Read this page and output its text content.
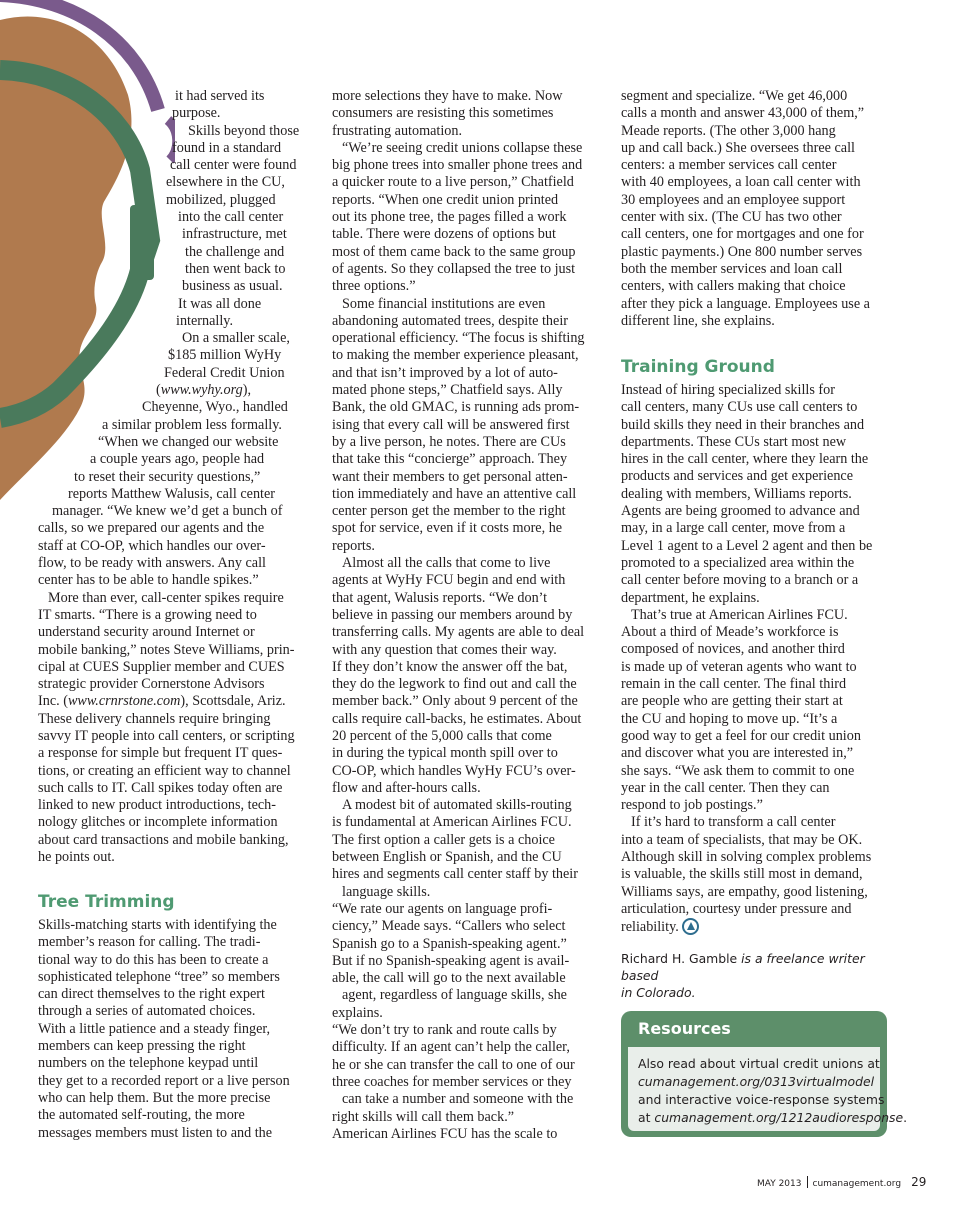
it had served its

purpose.

Skills beyond those

found in a standard

call center were found

elsewhere in the CU,

mobilized, plugged

into the call center

infrastructure, met

the challenge and

then went back to

business as usual.

It was all done

internally.

On a smaller scale,

$185 million WyHy

Federal Credit Union

(www.wyhy.org),

Cheyenne, Wyo., handled

a similar problem less formally.

“When we changed our website

a couple years ago, people had

to reset their security questions,”

reports Matthew Walusis, call center

manager. “We knew we’d get a bunch of

calls, so we prepared our agents and the

staff at CO-OP, which handles our over-

flow, to be ready with answers. Any call

center has to be able to handle spikes.”

More than ever, call-center spikes require

IT smarts. “There is a growing need to

understand security around Internet or

mobile banking,” notes Steve Williams, prin-

cipal at CUES Supplier member and CUES

strategic provider Cornerstone Advisors

Inc. (www.crnrstone.com), Scottsdale, Ariz.

These delivery channels require bringing

savvy IT people into call centers, or scripting

a response for simple but frequent IT ques-

tions, or creating an efficient way to channel

such calls to IT. Call spikes today often are

linked to new product introductions, tech-

nology glitches or incomplete information

about card transactions and mobile banking,

he points out.

Tree Trimming

Skills-matching starts with identifying the

member’s reason for calling. The tradi-

tional way to do this has been to create a

sophisticated telephone “tree” so members

can direct themselves to the right expert

through a series of automated choices.

With a little patience and a steady finger,

members can keep pressing the right

numbers on the telephone keypad until

they get to a recorded report or a live person

who can help them. But the more precise

the automated self-routing, the more

messages members must listen to and the

more selections they have to make. Now

consumers are resisting this sometimes

frustrating automation.

“We’re seeing credit unions collapse these

big phone trees into smaller phone trees and

a quicker route to a live person,” Chatfield

reports. “When one credit union printed

out its phone tree, the pages filled a work

table. There were dozens of options but

most of them came back to the same group

of agents. So they collapsed the tree to just

three options.”

Some financial institutions are even

abandoning automated trees, despite their

operational efficiency. “The focus is shifting

to making the member experience pleasant,

and that isn’t improved by a lot of auto-

mated phone steps,” Chatfield says. Ally

Bank, the old GMAC, is running ads prom-

ising that every call will be answered first

by a live person, he notes. There are CUs

that take this “concierge” approach. They

want their members to get personal atten-

tion immediately and have an attentive call

center person get the member to the right

spot for service, even if it costs more, he

reports.

Almost all the calls that come to live

agents at WyHy FCU begin and end with

that agent, Walusis reports. “We don’t

believe in passing our members around by

transferring calls. My agents are able to deal

with any question that comes their way.

If they don’t know the answer off the bat,

they do the legwork to find out and call the

member back.” Only about 9 percent of the

calls require call-backs, he estimates. About

20 percent of the 5,000 calls that come

in during the typical month spill over to

CO-OP, which handles WyHy FCU’s over-

flow and after-hours calls.

A modest bit of automated skills-routing

is fundamental at American Airlines FCU.

The first option a caller gets is a choice

between English or Spanish, and the CU

hires and segments call center staff by their

language skills.

“We rate our agents on language profi-

ciency,” Meade says. “Callers who select

Spanish go to a Spanish-speaking agent.”

But if no Spanish-speaking agent is avail-

able, the call will go to the next available

agent, regardless of language skills, she

explains.

“We don’t try to rank and route calls by

difficulty. If an agent can’t help the caller,

he or she can transfer the call to one of our

three coaches for member services or they

can take a number and someone with the

right skills will call them back.”

American Airlines FCU has the scale to

segment and specialize. “We get 46,000

calls a month and answer 43,000 of them,”

Meade reports. (The other 3,000 hang

up and call back.) She oversees three call

centers: a member services call center

with 40 employees, a loan call center with

30 employees and an employee support

center with six. (The CU has two other

call centers, one for mortgages and one for

plastic payments.) One 800 number serves

both the member services and loan call

centers, with callers making that choice

after they pick a language. Employees use a

different line, she explains.

Training Ground

Instead of hiring specialized skills for

call centers, many CUs use call centers to

build skills they need in their branches and

departments. These CUs start most new

hires in the call center, where they learn the

products and services and get experience

dealing with members, Williams reports.

Agents are being groomed to advance and

may, in a large call center, move from a

Level 1 agent to a Level 2 agent and then be

promoted to a specialized area within the

call center before moving to a branch or a

department, he explains.

That’s true at American Airlines FCU.

About a third of Meade’s workforce is

composed of novices, and another third

is made up of veteran agents who want to

remain in the call center. The final third

are people who are getting their start at

the CU and hoping to move up. “It’s a

good way to get a feel for our credit union

and discover what you are interested in,”

she says. “We ask them to commit to one

year in the call center. Then they can

respond to job postings.”

If it’s hard to transform a call center

into a team of specialists, that may be OK.

Although skill in solving complex problems

is valuable, the skills still most in demand,

Williams says, are empathy, good listening,

articulation, courtesy under pressure and

reliability.

Richard H. Gamble is a freelance writer based
in Colorado.
Resources

Also read about virtual credit unions at

cumanagement.org/0313virtualmodel

and interactive voice-response systems

at cumanagement.org/1212audioresponse.

MAY 2013 cumanagement.org 29
